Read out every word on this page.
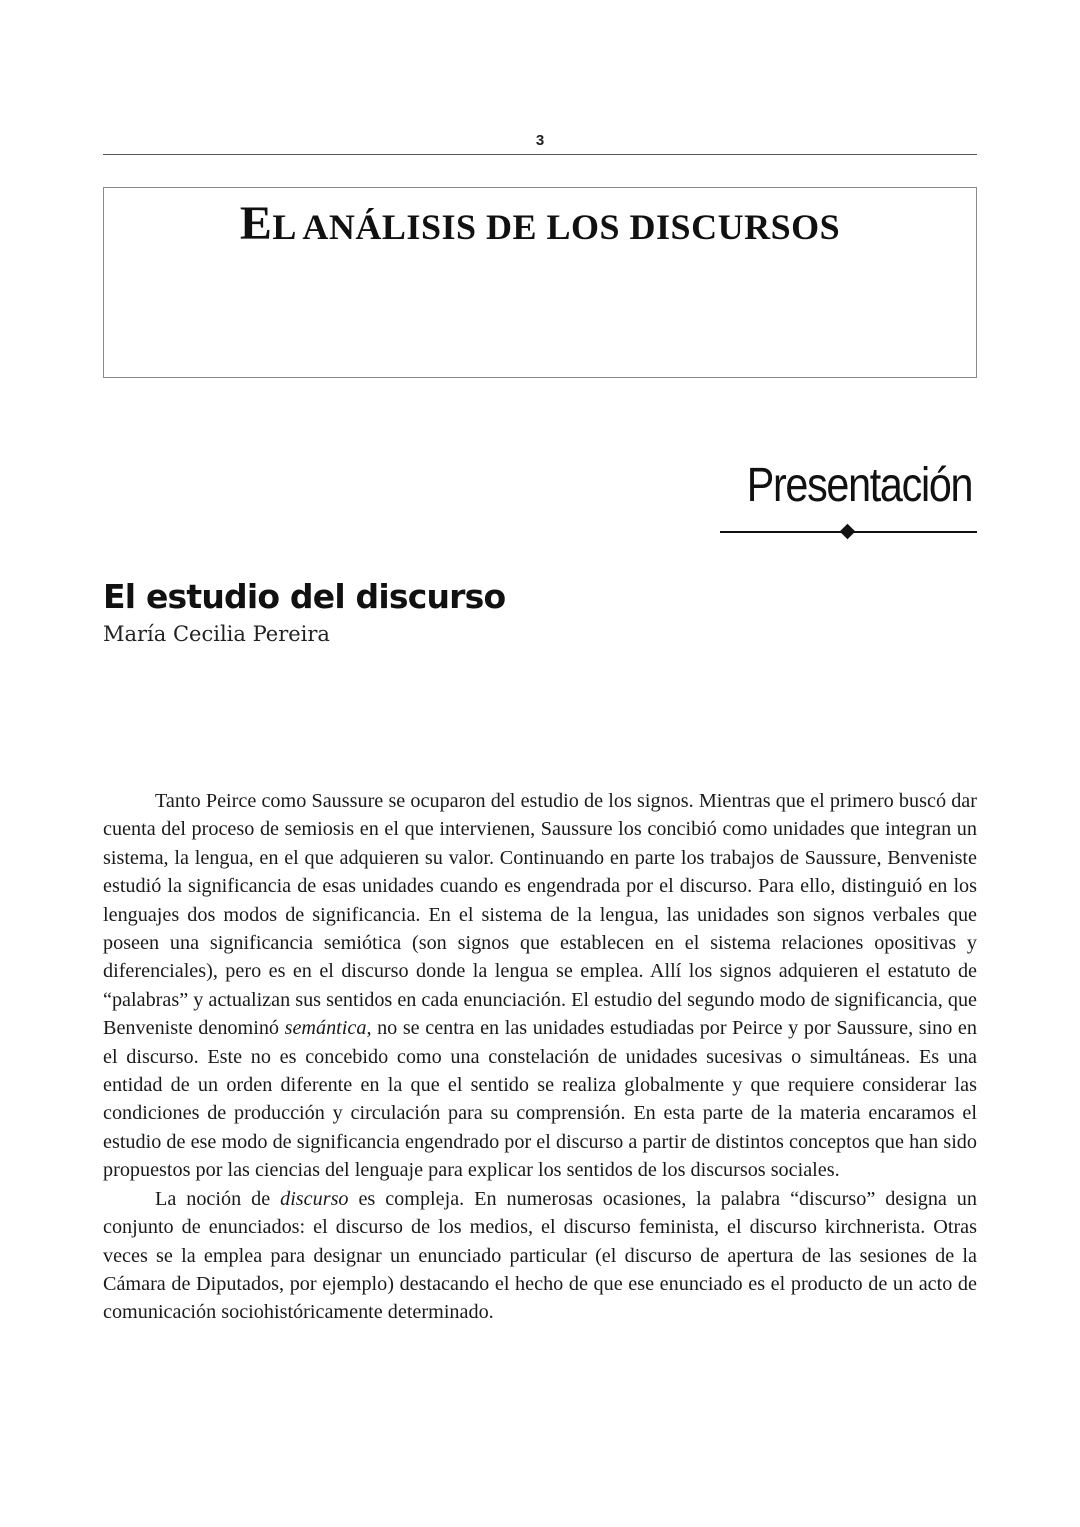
3
EL ANÁLISIS DE LOS DISCURSOS
Presentación
El estudio del discurso
María Cecilia Pereira

Tanto Peirce como Saussure se ocuparon del estudio de los signos. Mientras que el primero buscó dar cuenta del proceso de semiosis en el que intervienen, Saussure los concibió como unidades que integran un sistema, la lengua, en el que adquieren su valor. Continuando en parte los trabajos de Saussure, Benveniste estudió la significancia de esas unidades cuando es engendrada por el discurso. Para ello, distinguió en los lenguajes dos modos de significancia. En el sistema de la lengua, las unidades son signos verbales que poseen una significancia semiótica (son signos que establecen en el sistema relaciones opositivas y diferenciales), pero es en el discurso donde la lengua se emplea. Allí los signos adquieren el estatuto de “palabras” y actualizan sus sentidos en cada enunciación. El estudio del segundo modo de significancia, que Benveniste denominó semántica, no se centra en las unidades estudiadas por Peirce y por Saussure, sino en el discurso. Este no es concebido como una constelación de unidades sucesivas o simultáneas. Es una entidad de un orden diferente en la que el sentido se realiza globalmente y que requiere considerar las condiciones de producción y circulación para su comprensión. En esta parte de la materia encaramos el estudio de ese modo de significancia engendrado por el discurso a partir de distintos conceptos que han sido propuestos por las ciencias del lenguaje para explicar los sentidos de los discursos sociales.

La noción de discurso es compleja. En numerosas ocasiones, la palabra “discurso” designa un conjunto de enunciados: el discurso de los medios, el discurso feminista, el discurso kirchnerista. Otras veces se la emplea para designar un enunciado particular (el discurso de apertura de las sesiones de la Cámara de Diputados, por ejemplo) destacando el hecho de que ese enunciado es el producto de un acto de comunicación sociohistóricamente determinado.
